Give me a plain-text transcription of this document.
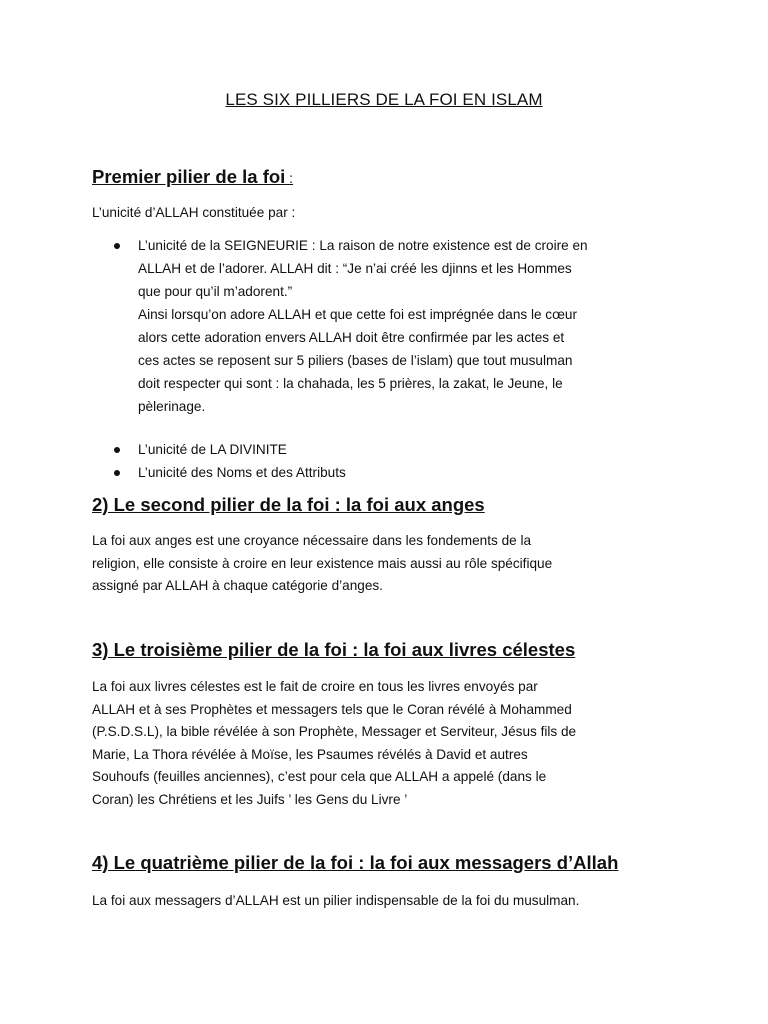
LES SIX PILLIERS DE LA FOI EN ISLAM
Premier pilier de la foi :
L’unicité d’ALLAH constituée par :
L’unicité de la SEIGNEURIE : La raison de notre existence est de croire en
ALLAH et de l’adorer. ALLAH dit : “Je n’ai créé les djinns et les Hommes
que pour qu’il m’adorent.”
Ainsi lorsqu’on adore ALLAH et que cette foi est imprégnée dans le cœur
alors cette adoration envers ALLAH doit être confirmée par les actes et
ces actes se reposent sur 5 piliers (bases de l’islam) que tout musulman
doit respecter qui sont : la chahada, les 5 prières, la zakat, le Jeune, le
pèlerinage.
L’unicité de LA DIVINITE
L’unicité des Noms et des Attributs
2) Le second pilier de la foi : la foi aux anges
La foi aux anges est une croyance nécessaire dans les fondements de la
religion, elle consiste à croire en leur existence mais aussi au rôle spécifique
assigné par ALLAH à chaque catégorie d’anges.
3) Le troisième pilier de la foi : la foi aux livres célestes
La foi aux livres célestes est le fait de croire en tous les livres envoyés par
ALLAH et à ses Prophètes et messagers tels que le Coran révélé à Mohammed
(P.S.D.S.L), la bible révélée à son Prophète, Messager et Serviteur, Jésus fils de
Marie, La Thora révélée à Moïse, les Psaumes révélés à David et autres
Souhoufs (feuilles anciennes), c’est pour cela que ALLAH a appelé (dans le
Coran) les Chrétiens et les Juifs ’ les Gens du Livre ’
4) Le quatrième pilier de la foi : la foi aux messagers d’Allah
La foi aux messagers d’ALLAH est un pilier indispensable de la foi du musulman.
